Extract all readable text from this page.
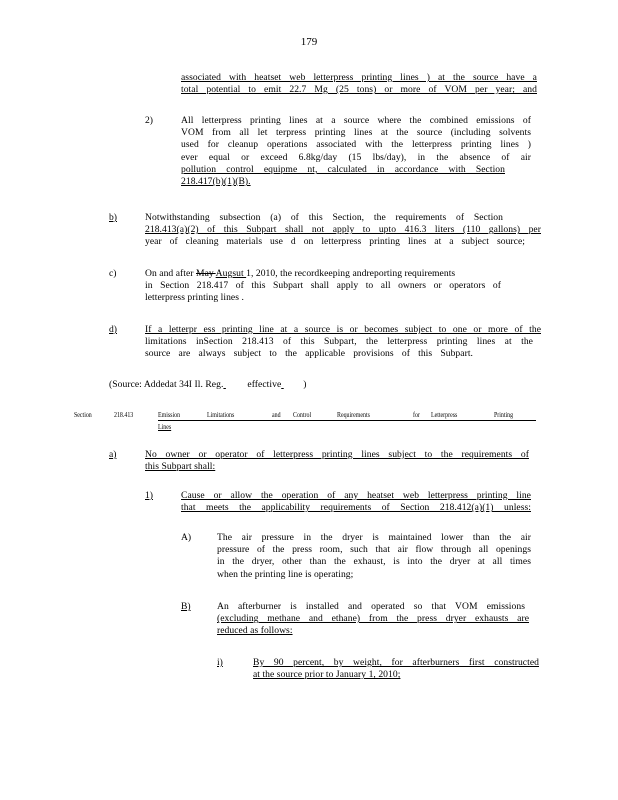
179
associated with heatset web letterpress printing lines ) at the source have a
total potential to emit 22.7 Mg (25 tons) or more of VOM per year; and
2)	All letterpress printing lines at a source where the combined emissions of
VOM from all let terpress printing lines at the source (including solvents
used for cleanup operations associated with the letterpress printing lines )
ever equal or exceed 6.8kg/day (15 lbs/day), in the absence of air
pollution control equipme nt, calculated in accordance with Section
218.417(b)(1)(B).
b)	Notwithstanding subsection (a) of this Section, the requirements of Section
218.413(a)(2) of this Subpart shall not apply to upto 416.3 liters (110 gallons) per
year of cleaning materials use d on letterpress printing lines at a subject source;
c)	On and after May Augsut 1, 2010, the recordkeeping andreporting requirements
in Section 218.417 of this Subpart shall apply to all owners or operators of
letterpress printing lines .
d)	If a letterpr ess printing line at a source is or becomes subject to one or more of the
limitations inSection 218.413 of this Subpart, the letterpress printing lines at the
source are always subject to the applicable provisions of this Subpart.
(Source: Addedat 34I Il. Reg.	effective )
Section	218.413	Emission	Limitations	and Control	Requirements	for Letterpress	Printing
Lines
a)	No owner or operator of letterpress printing lines subject to the requirements of
this Subpart shall:
1)	Cause or allow the operation of any heatset web letterpress printing line
that meets the applicability requirements of Section 218.412(a)(1) unless:
A)	The air pressure in the dryer is maintained lower than the air
pressure of the press room, such that air flow through all openings
in the dryer, other than the exhaust, is into the dryer at all times
when the printing line is operating;
B)	An afterburner is installed and operated so that VOM emissions
(excluding methane and ethane) from the press dryer exhausts are
reduced as follows:
i)	By 90 percent, by weight, for afterburners first constructed
at the source prior to January 1, 2010;
